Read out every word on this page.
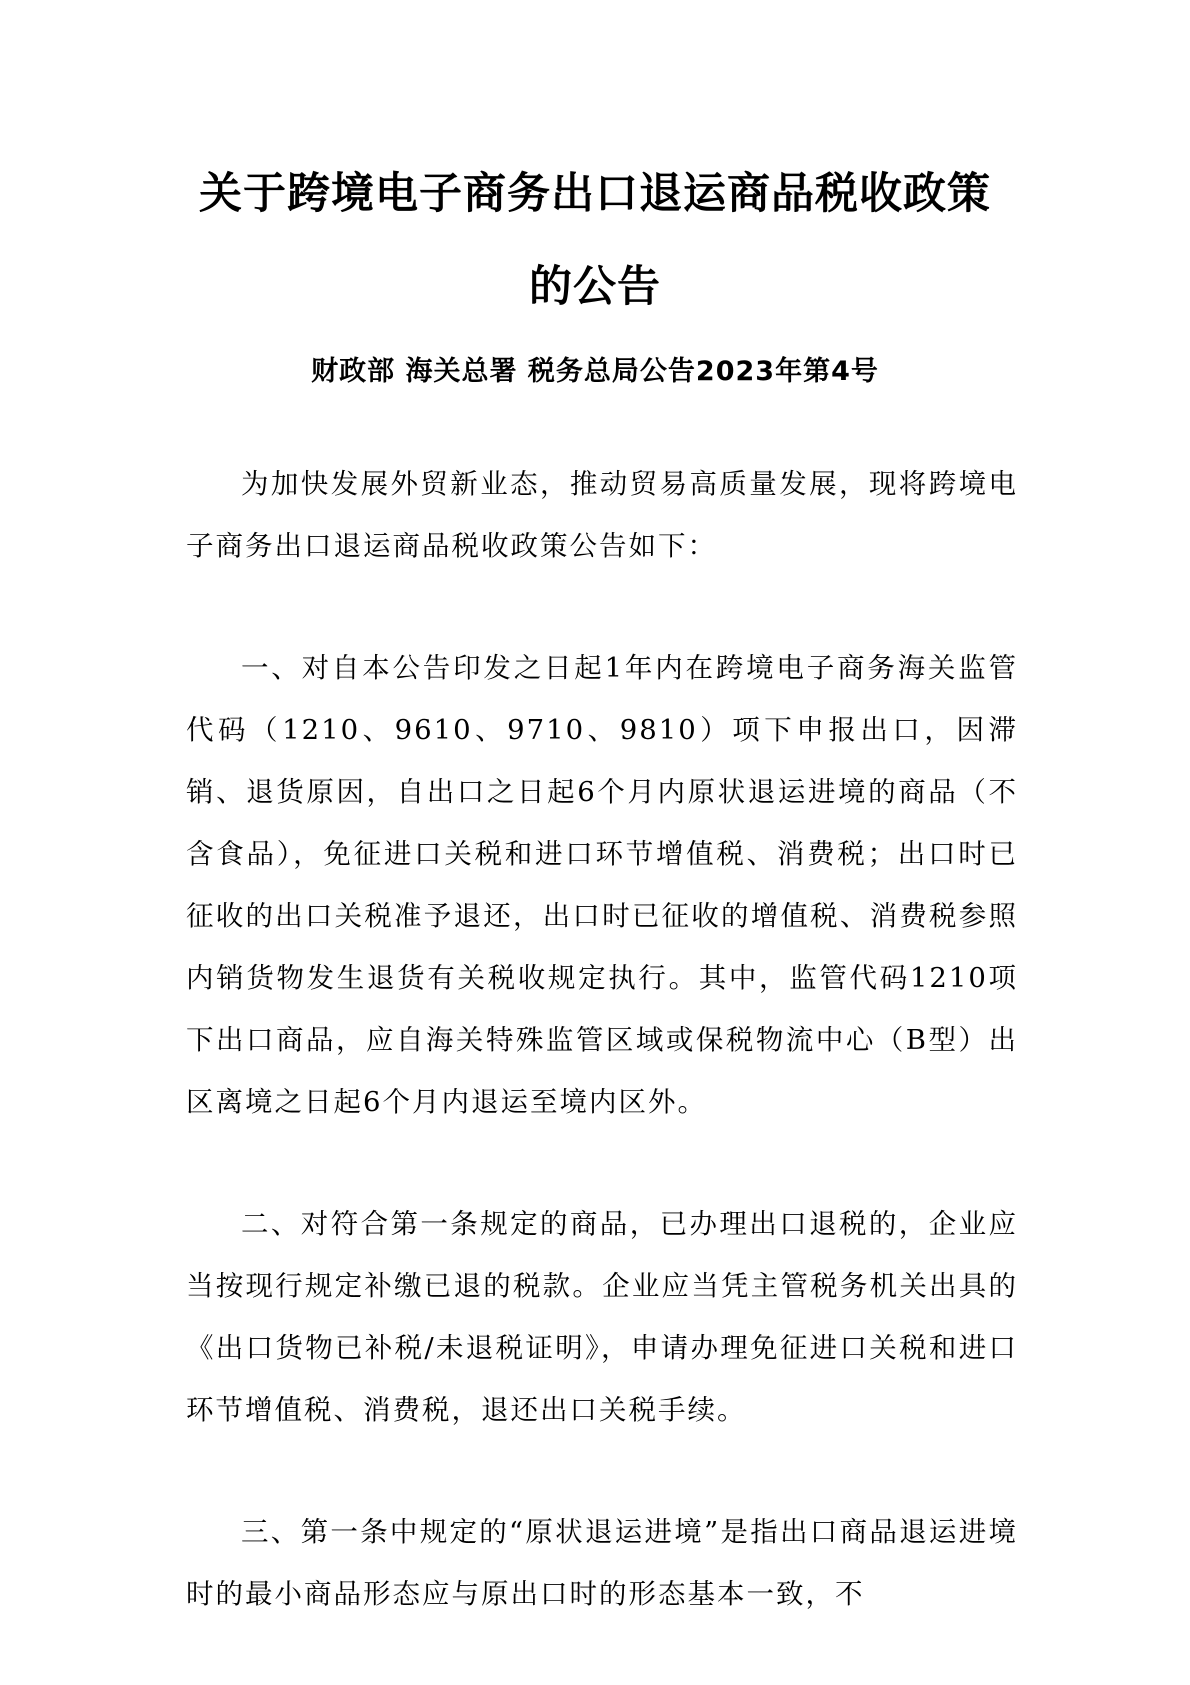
关于跨境电子商务出口退运商品税收政策
的公告
财政部 海关总署 税务总局公告2023年第4号

为加快发展外贸新业态，推动贸易高质量发展，现将跨境电子商务出口退运商品税收政策公告如下：

一、对自本公告印发之日起1年内在跨境电子商务海关监管代码（1210、9610、9710、9810）项下申报出口，因滞销、退货原因，自出口之日起6个月内原状退运进境的商品（不含食品），免征进口关税和进口环节增值税、消费税；出口时已征收的出口关税准予退还，出口时已征收的增值税、消费税参照内销货物发生退货有关税收规定执行。其中，监管代码1210项下出口商品，应自海关特殊监管区域或保税物流中心（B型）出区离境之日起6个月内退运至境内区外。

二、对符合第一条规定的商品，已办理出口退税的，企业应当按现行规定补缴已退的税款。企业应当凭主管税务机关出具的《出口货物已补税/未退税证明》，申请办理免征进口关税和进口环节增值税、消费税，退还出口关税手续。

三、第一条中规定的“原状退运进境”是指出口商品退运进境时的最小商品形态应与原出口时的形态基本一致，不
